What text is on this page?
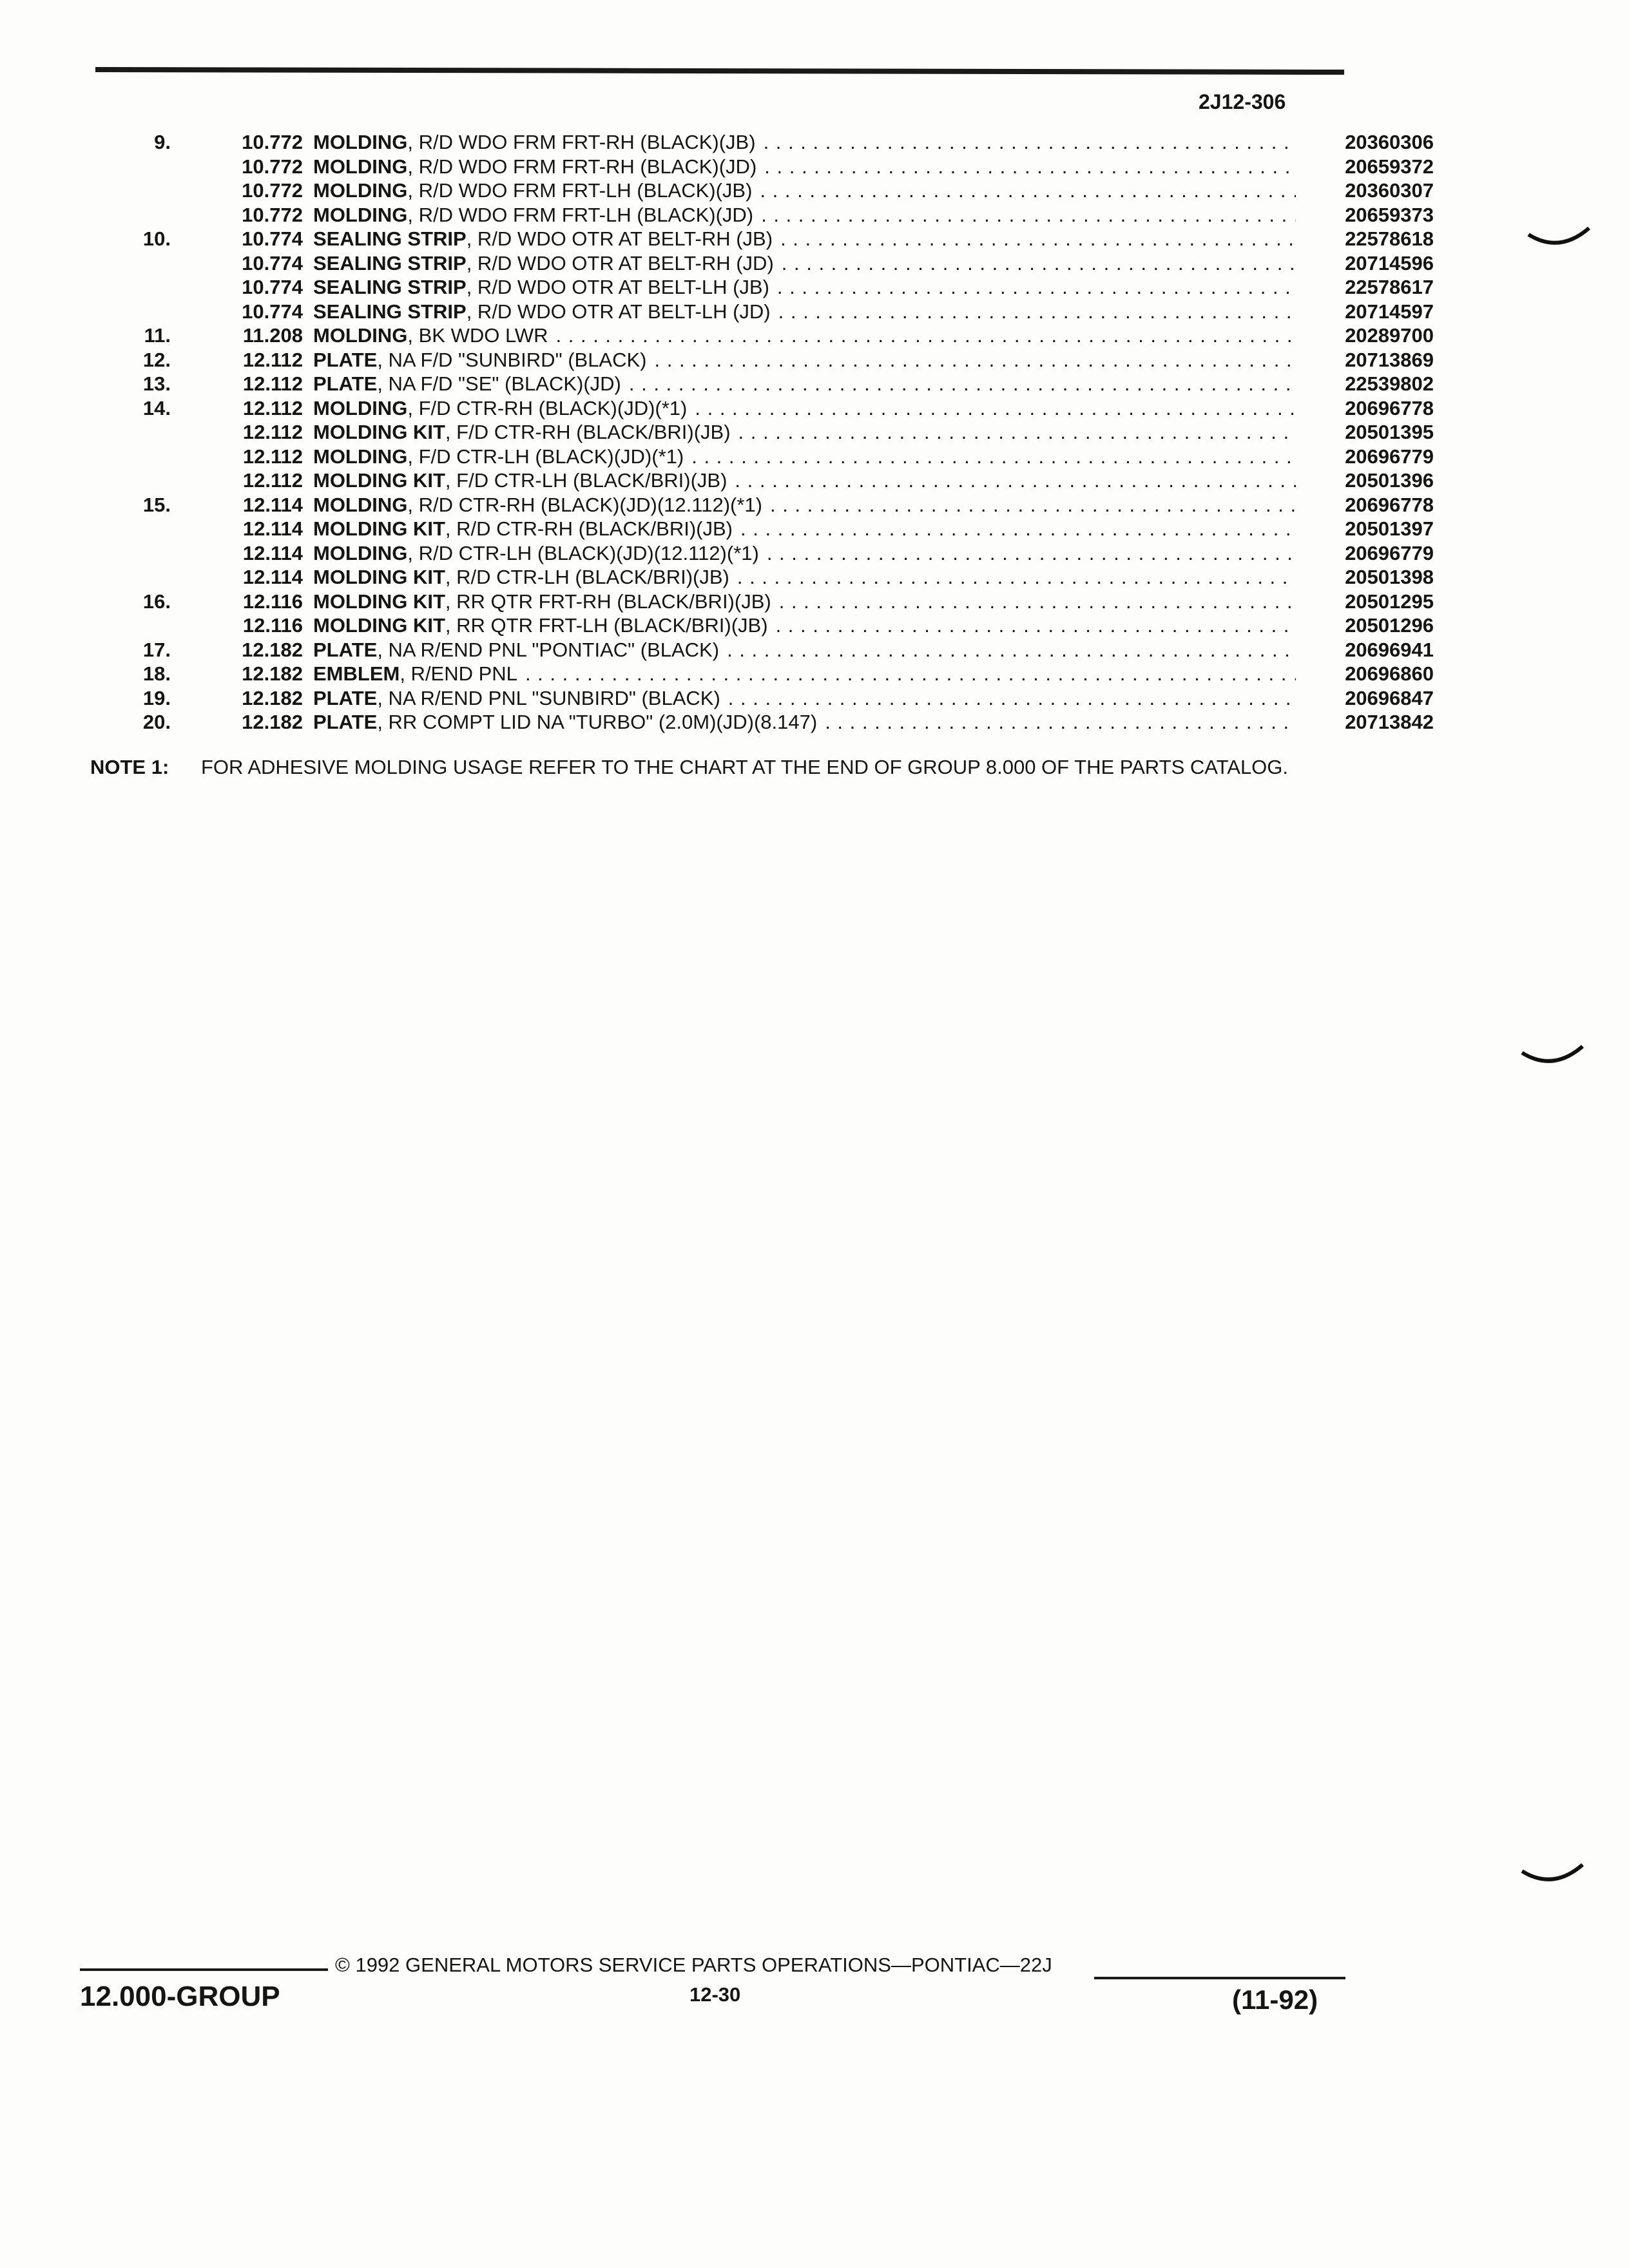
2J12-306
9.	10.772 MOLDING, R/D WDO FRM FRT-RH (BLACK)(JB) . . .	20360306
10.772 MOLDING, R/D WDO FRM FRT-RH (BLACK)(JD) . . .	20659372
10.772 MOLDING, R/D WDO FRM FRT-LH (BLACK)(JB) . . .	20360307
10.772 MOLDING, R/D WDO FRM FRT-LH (BLACK)(JD) . . .	20659373
10.	10.774 SEALING STRIP, R/D WDO OTR AT BELT-RH (JB) . . .	22578618
10.774 SEALING STRIP, R/D WDO OTR AT BELT-RH (JD) . . .	20714596
10.774 SEALING STRIP, R/D WDO OTR AT BELT-LH (JB) . . .	22578617
10.774 SEALING STRIP, R/D WDO OTR AT BELT-LH (JD) . . .	20714597
11.	11.208 MOLDING, BK WDO LWR . . .	20289700
12.	12.112 PLATE, NA F/D "SUNBIRD" (BLACK) . . .	20713869
13.	12.112 PLATE, NA F/D "SE" (BLACK)(JD) . . .	22539802
14.	12.112 MOLDING, F/D CTR-RH (BLACK)(JD)(*1) . . .	20696778
12.112 MOLDING KIT, F/D CTR-RH (BLACK/BRI)(JB) . . .	20501395
12.112 MOLDING, F/D CTR-LH (BLACK)(JD)(*1) . . .	20696779
12.112 MOLDING KIT, F/D CTR-LH (BLACK/BRI)(JB) . . .	20501396
15.	12.114 MOLDING, R/D CTR-RH (BLACK)(JD)(12.112)(*1) . . .	20696778
12.114 MOLDING KIT, R/D CTR-RH (BLACK/BRI)(JB) . . .	20501397
12.114 MOLDING, R/D CTR-LH (BLACK)(JD)(12.112)(*1) . . .	20696779
12.114 MOLDING KIT, R/D CTR-LH (BLACK/BRI)(JB) . . .	20501398
16.	12.116 MOLDING KIT, RR QTR FRT-RH (BLACK/BRI)(JB) . . .	20501295
12.116 MOLDING KIT, RR QTR FRT-LH (BLACK/BRI)(JB) . . .	20501296
17.	12.182 PLATE, NA R/END PNL "PONTIAC" (BLACK) . . .	20696941
18.	12.182 EMBLEM, R/END PNL . . .	20696860
19.	12.182 PLATE, NA R/END PNL "SUNBIRD" (BLACK) . . .	20696847
20.	12.182 PLATE, RR COMPT LID NA "TURBO" (2.0M)(JD)(8.147) . . .	20713842
NOTE 1: FOR ADHESIVE MOLDING USAGE REFER TO THE CHART AT THE END OF GROUP 8.000 OF THE PARTS CATALOG.
© 1992 GENERAL MOTORS SERVICE PARTS OPERATIONS—PONTIAC—22J
12.000-GROUP	12-30	(11-92)
